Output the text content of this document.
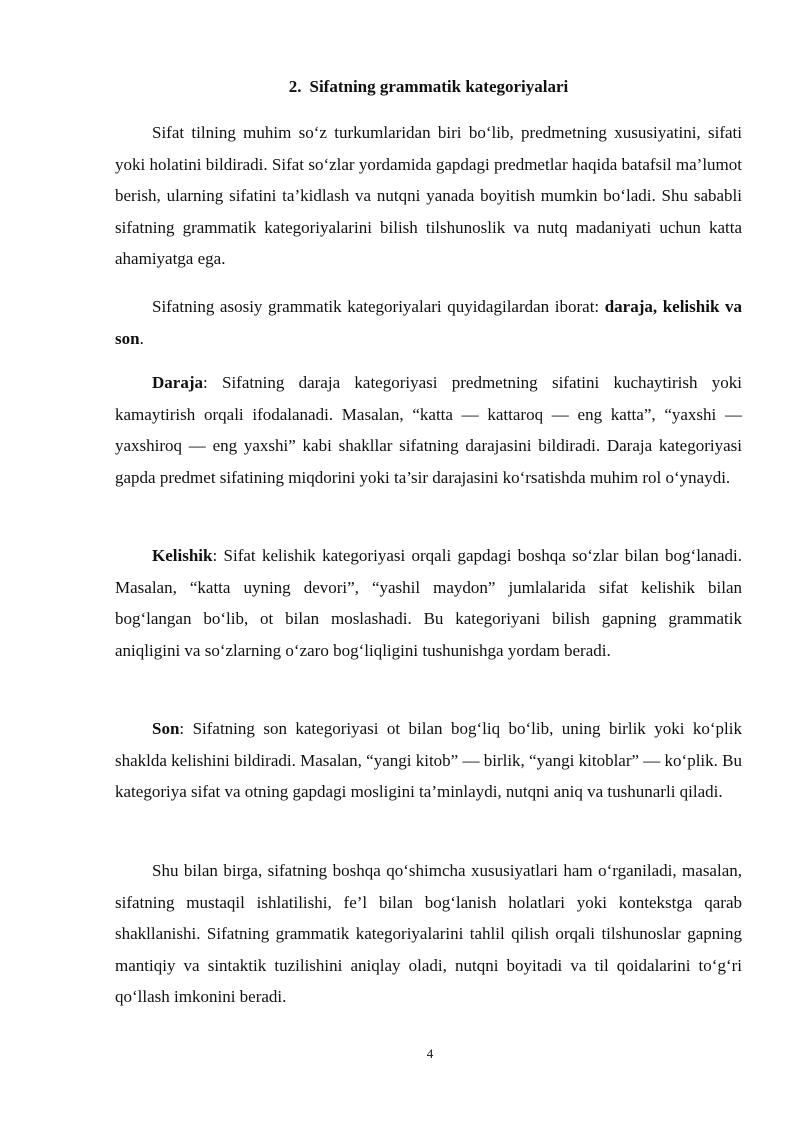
2. Sifatning grammatik kategoriyalari

Sifat tilning muhim so‘z turkumlaridan biri bo‘lib, predmetning xususiyatini, sifati yoki holatini bildiradi. Sifat so‘zlar yordamida gapdagi predmetlar haqida batafsil ma’lumot berish, ularning sifatini ta’kidlash va nutqni yanada boyitish mumkin bo‘ladi. Shu sababli sifatning grammatik kategoriyalarini bilish tilshunoslik va nutq madaniyati uchun katta ahamiyatga ega.

Sifatning asosiy grammatik kategoriyalari quyidagilardan iborat: daraja, kelishik va son.

Daraja: Sifatning daraja kategoriyasi predmetning sifatini kuchaytirish yoki kamaytirish orqali ifodalanadi. Masalan, “katta — kattaroq — eng katta”, “yaxshi — yaxshiroq — eng yaxshi” kabi shakllar sifatning darajasini bildiradi. Daraja kategoriyasi gapda predmet sifatining miqdorini yoki ta’sir darajasini ko‘rsatishda muhim rol o‘ynaydi.

Kelishik: Sifat kelishik kategoriyasi orqali gapdagi boshqa so‘zlar bilan bog‘lanadi. Masalan, “katta uyning devori”, “yashil maydon” jumlalarida sifat kelishik bilan bog‘langan bo‘lib, ot bilan moslashadi. Bu kategoriyani bilish gapning grammatik aniqligini va so‘zlarning o‘zaro bog‘liqligini tushunishga yordam beradi.

Son: Sifatning son kategoriyasi ot bilan bog‘liq bo‘lib, uning birlik yoki ko‘plik shaklda kelishini bildiradi. Masalan, “yangi kitob” — birlik, “yangi kitoblar” — ko‘plik. Bu kategoriya sifat va otning gapdagi mosligini ta’minlaydi, nutqni aniq va tushunarli qiladi.

Shu bilan birga, sifatning boshqa qo‘shimcha xususiyatlari ham o‘rganiladi, masalan, sifatning mustaqil ishlatilishi, fe’l bilan bog‘lanish holatlari yoki kontekstga qarab shakllanishi. Sifatning grammatik kategoriyalarini tahlil qilish orqali tilshunoslar gapning mantiqiy va sintaktik tuzilishini aniqlay oladi, nutqni boyitadi va til qoidalarini to‘g‘ri qo‘llash imkonini beradi.

4
